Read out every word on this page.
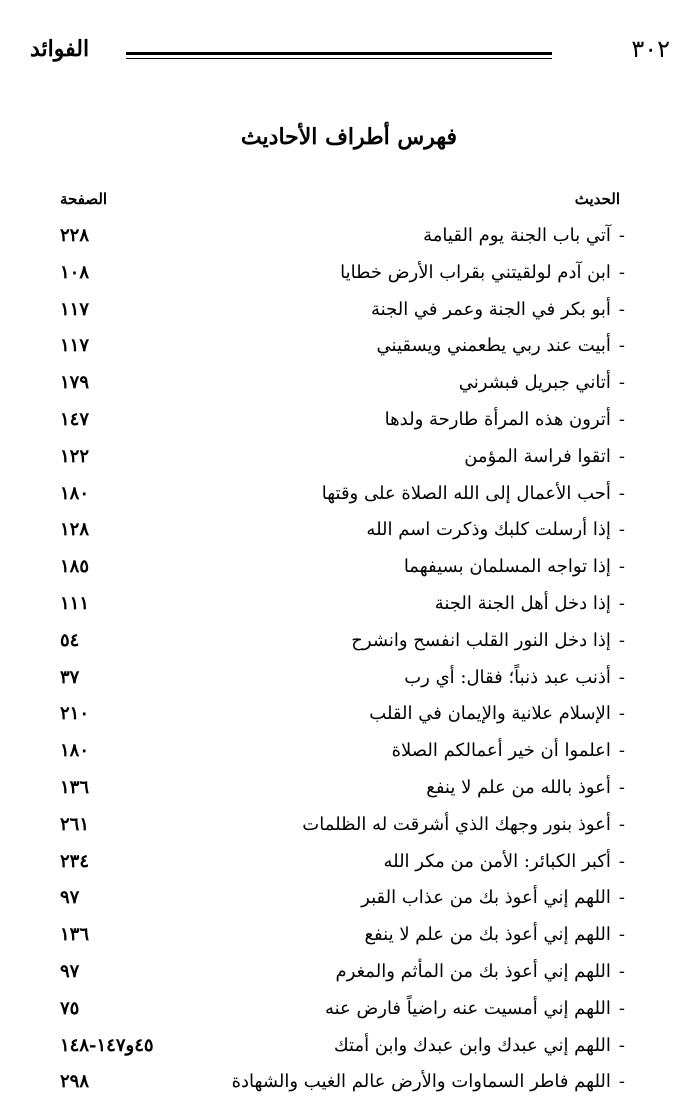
٣٠٢
الفوائد
فهرس أطراف الأحاديث
الحديث
الصفحة
-آتي باب الجنة يوم القيامة
٢٢٨
-ابن آدم لولقيتني بقراب الأرض خطايا
١٠٨
-أبو بكر في الجنة وعمر في الجنة
١١٧
-أبيت عند ربي يطعمني ويسقيني
١١٧
-أتاني جبريل فبشرني
١٧٩
-أترون هذه المرأة طارحة ولدها
١٤٧
-اتقوا فراسة المؤمن
١٢٢
-أحب الأعمال إلى الله الصلاة على وقتها
١٨٠
-إذا أرسلت كلبك وذكرت اسم الله
١٢٨
-إذا تواجه المسلمان بسيفهما
١٨٥
-إذا دخل أهل الجنة الجنة
١١١
-إذا دخل النور القلب انفسح وانشرح
٥٤
-أذنب عبد ذنباً؛ فقال: أي رب
٣٧
-الإسلام علانية والإيمان في القلب
٢١٠
-اعلموا أن خير أعمالكم الصلاة
١٨٠
-أعوذ بالله من علم لا ينفع
١٣٦
-أعوذ بنور وجهك الذي أشرقت له الظلمات
٢٦١
-أكبر الكبائر: الأمن من مكر الله
٢٣٤
-اللهم إني أعوذ بك من عذاب القبر
٩٧
-اللهم إني أعوذ بك من علم لا ينفع
١٣٦
-اللهم إني أعوذ بك من المأثم والمغرم
٩٧
-اللهم إني أمسيت عنه راضياً فارض عنه
٧٥
-اللهم إني عبدك وابن عبدك وابن أمتك
٤٥و١٤٧-١٤٨
-اللهم فاطر السماوات والأرض عالم الغيب والشهادة
٢٩٨
